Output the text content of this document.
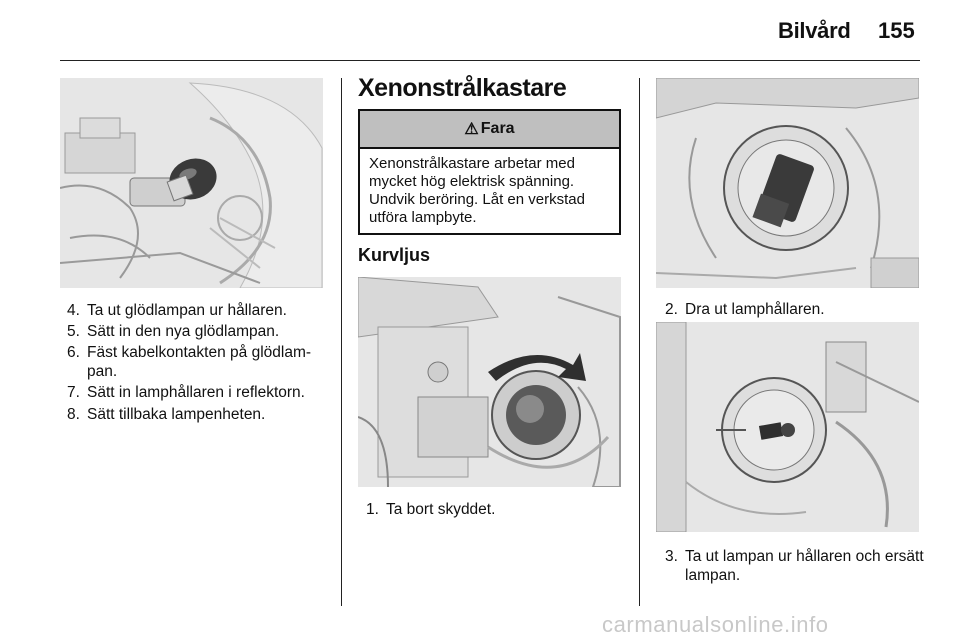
Bilvård 155
4. Ta ut glödlampan ur hållaren.
5. Sätt in den nya glödlampan.
6. Fäst kabelkontakten på glödlampan.
7. Sätt in lamphållaren i reflektorn.
8. Sätt tillbaka lampenheten.
Xenonstrålkastare
⚠ Fara
Xenonstrålkastare arbetar med mycket hög elektrisk spänning. Undvik beröring. Låt en verkstad utföra lampbyte.
Kurvljus
1. Ta bort skyddet.
2. Dra ut lamphållaren.
3. Ta ut lampan ur hållaren och ersätt lampan.
carmanualsonline.info
